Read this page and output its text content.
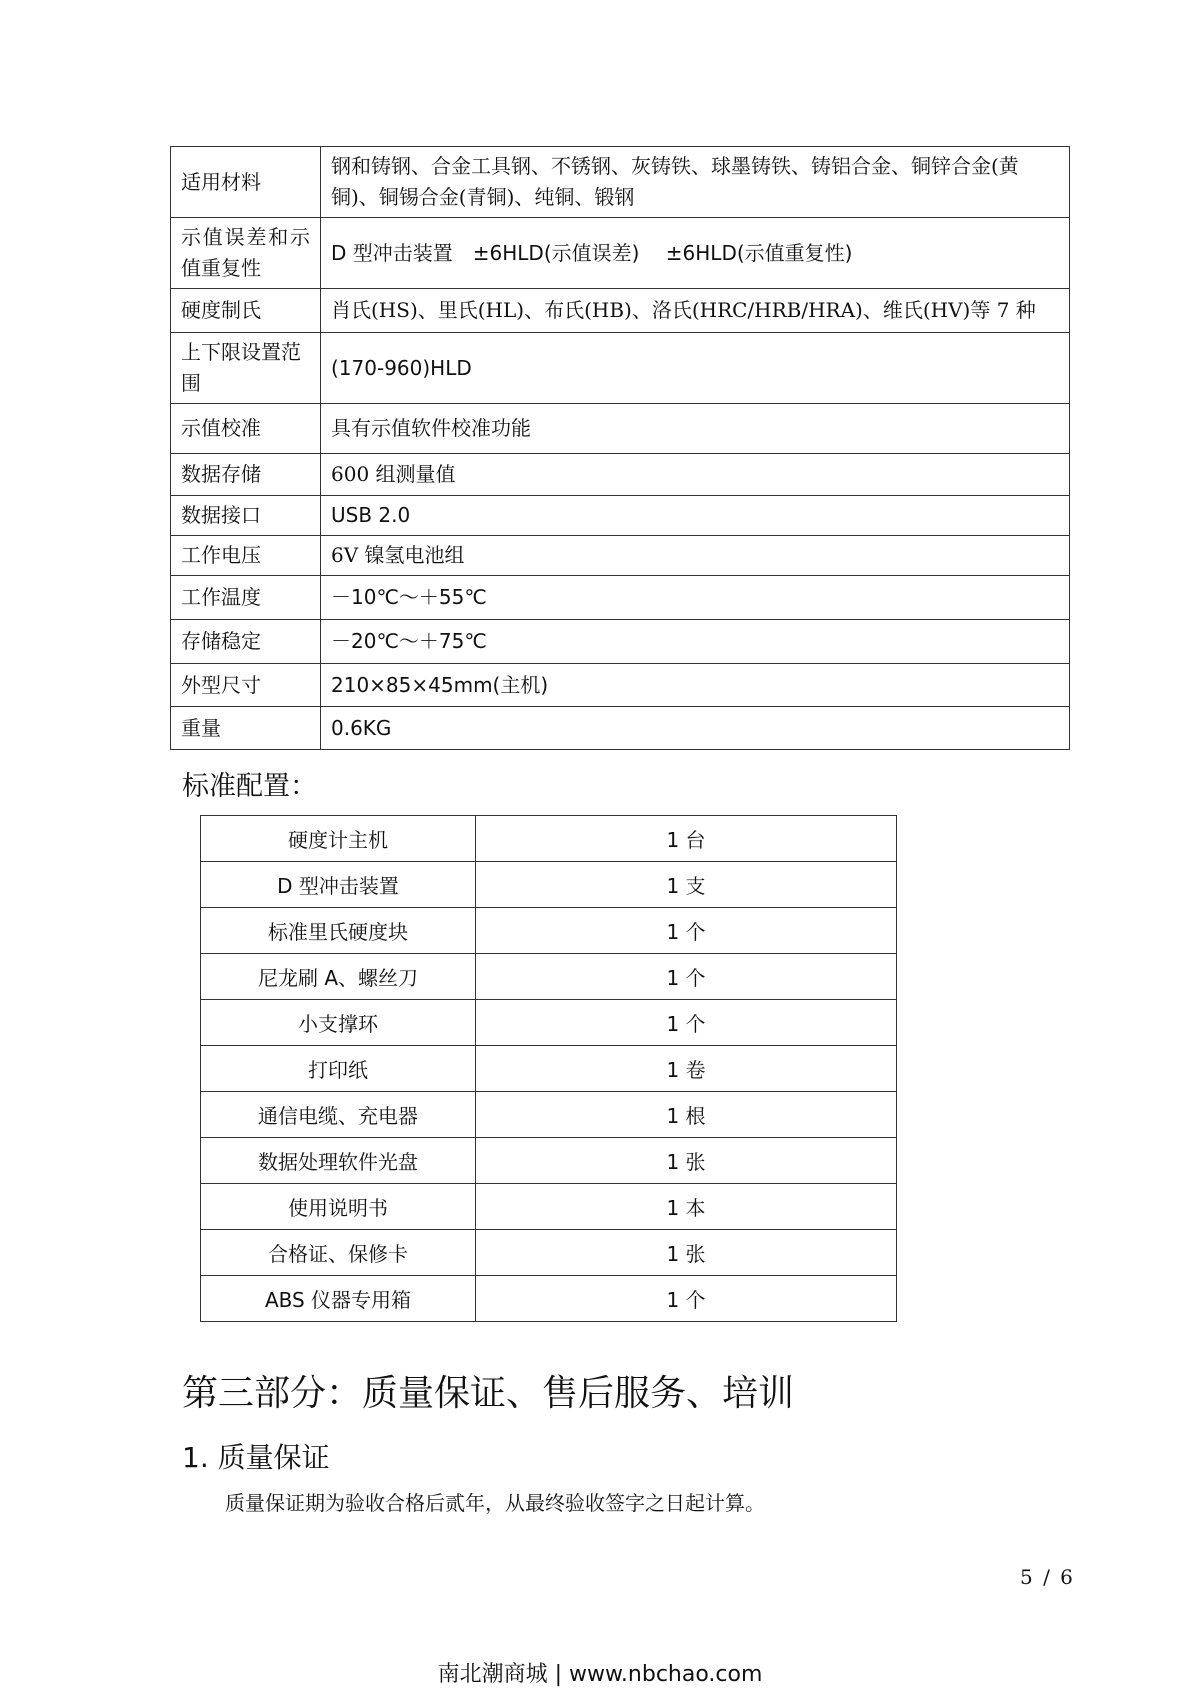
适用材料	钢和铸钢、合金工具钢、不锈钢、灰铸铁、球墨铸铁、铸铝合金、铜锌合金(黄铜)、铜锡合金(青铜)、纯铜、锻钢
示值误差和示值重复性	D 型冲击装置　±6HLD(示值误差)　 ±6HLD(示值重复性)
硬度制氏	肖氏(HS)、里氏(HL)、布氏(HB)、洛氏(HRC/HRB/HRA)、维氏(HV)等 7 种
上下限设置范围	(170-960)HLD
示值校准	具有示值软件校准功能
数据存储	600 组测量值
数据接口	USB 2.0
工作电压	6V 镍氢电池组
工作温度	－10℃～＋55℃
存储稳定	－20℃～＋75℃
外型尺寸	210×85×45mm(主机)
重量	0.6KG
标准配置：
硬度计主机	1 台
D 型冲击装置	1 支
标准里氏硬度块	1 个
尼龙刷 A、螺丝刀	1 个
小支撑环	1 个
打印纸	1 卷
通信电缆、充电器	1 根
数据处理软件光盘	1 张
使用说明书	1 本
合格证、保修卡	1 张
ABS 仪器专用箱	1 个
第三部分：质量保证、售后服务、培训
1. 质量保证

质量保证期为验收合格后贰年，从最终验收签字之日起计算。

5 / 6
南北潮商城 | www.nbchao.com
